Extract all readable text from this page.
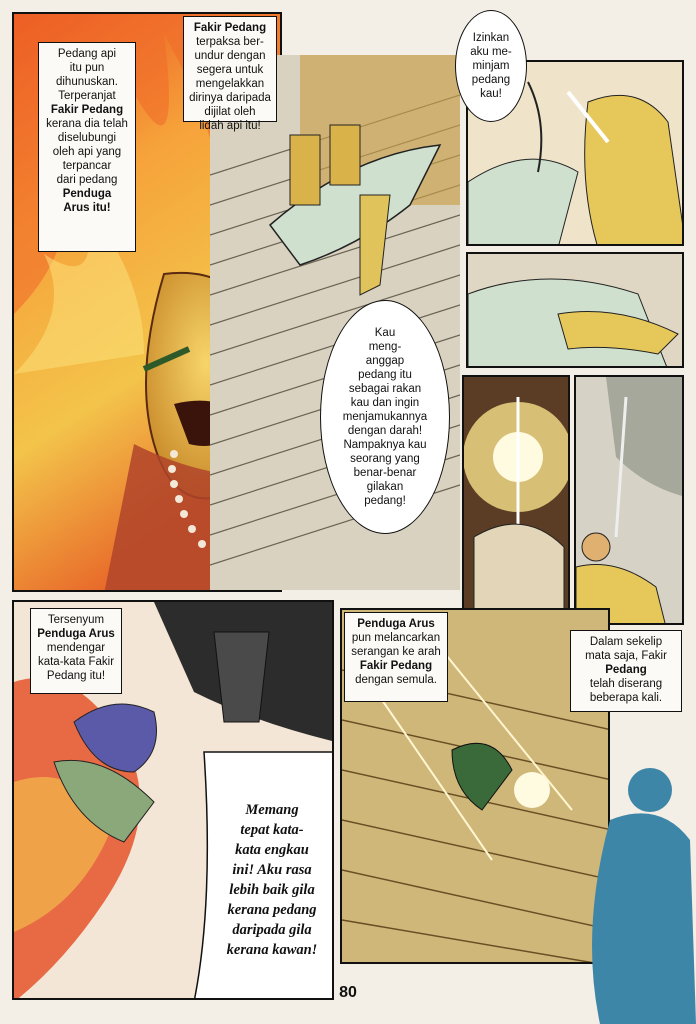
Pedang api
itu pun
dihunuskan.
Terperanjat
Fakir Pedang
kerana dia telah
diselubungi
oleh api yang
terpancar
dari pedang
Penduga
Arus itu!
Fakir Pedang
terpaksa ber-
undur dengan
segera untuk
mengelakkan
dirinya daripada
dijilat oleh
lidah api itu!
Izinkan
aku me-
minjam
pedang
kau!
Tersenyum
Penduga Arus
mendengar
kata-kata Fakir
Pedang itu!
Memang
tepat kata-
kata engkau
ini! Aku rasa
lebih baik gila
kerana pedang
daripada gila
kerana kawan!
Penduga Arus
pun melancarkan
serangan ke arah
Fakir Pedang
dengan semula.
Dalam sekelip
mata saja, Fakir
Pedang
telah diserang
beberapa kali.
Kau
meng-
anggap
pedang itu
sebagai rakan
kau dan ingin
menjamukannya
dengan darah!
Nampaknya kau
seorang yang
benar-benar
gilakan
pedang!
80
